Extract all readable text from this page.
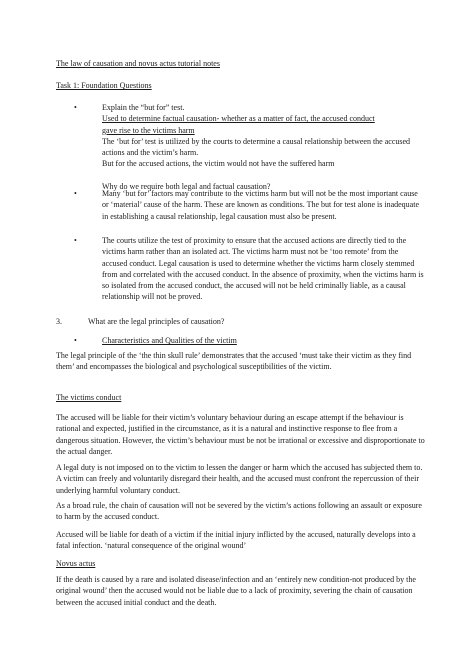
The law of causation and novus actus tutorial notes

Task 1: Foundation Questions

•	Explain the “but for” test.
Used to determine factual causation- whether as a matter of fact, the accused conduct
gave rise to the victims harm
The ‘but for’ test is utilized by the courts to determine a causal relationship between the accused actions and the victim’s harm.
But for the accused actions, the victim would not have the suffered harm
Why do we require both legal and factual causation?
•	Many ‘but for’ factors may contribute to the victims harm but will not be the most important cause or ‘material’ cause of the harm. These are known as conditions. The but for test alone is inadequate in establishing a causal relationship, legal causation must also be present.

•	The courts utilize the test of proximity to ensure that the accused actions are directly tied to the victims harm rather than an isolated act. The victims harm must not be ‘too remote’ from the accused conduct. Legal causation is used to determine whether the victims harm closely stemmed from and correlated with the accused conduct. In the absence of proximity, when the victims harm is so isolated from the accused conduct, the accused will not be held criminally liable, as a causal relationship will not be proved.

3.	What are the legal principles of causation?
•	Characteristics and Qualities of the victim

The legal principle of the ‘the thin skull rule’ demonstrates that the accused ‘must take their victim as they find them’ and encompasses the biological and psychological susceptibilities of the victim.

The victims conduct

The accused will be liable for their victim’s voluntary behaviour during an escape attempt if the behaviour is rational and expected, justified in the circumstance, as it is a natural and instinctive response to flee from a dangerous situation. However, the victim’s behaviour must be not be irrational or excessive and disproportionate to the actual danger.

A legal duty is not imposed on to the victim to lessen the danger or harm which the accused has subjected them to. A victim can freely and voluntarily disregard their health, and the accused must confront the repercussion of their underlying harmful voluntary conduct.

As a broad rule, the chain of causation will not be severed by the victim’s actions following an assault or exposure to harm by the accused conduct.

Accused will be liable for death of a victim if the initial injury inflicted by the accused, naturally develops into a fatal infection. ‘natural consequence of the original wound’

Novus actus

If the death is caused by a rare and isolated disease/infection and an ‘entirely new condition-not produced by the original wound’ then the accused would not be liable due to a lack of proximity, severing the chain of causation between the accused initial conduct and the death.
